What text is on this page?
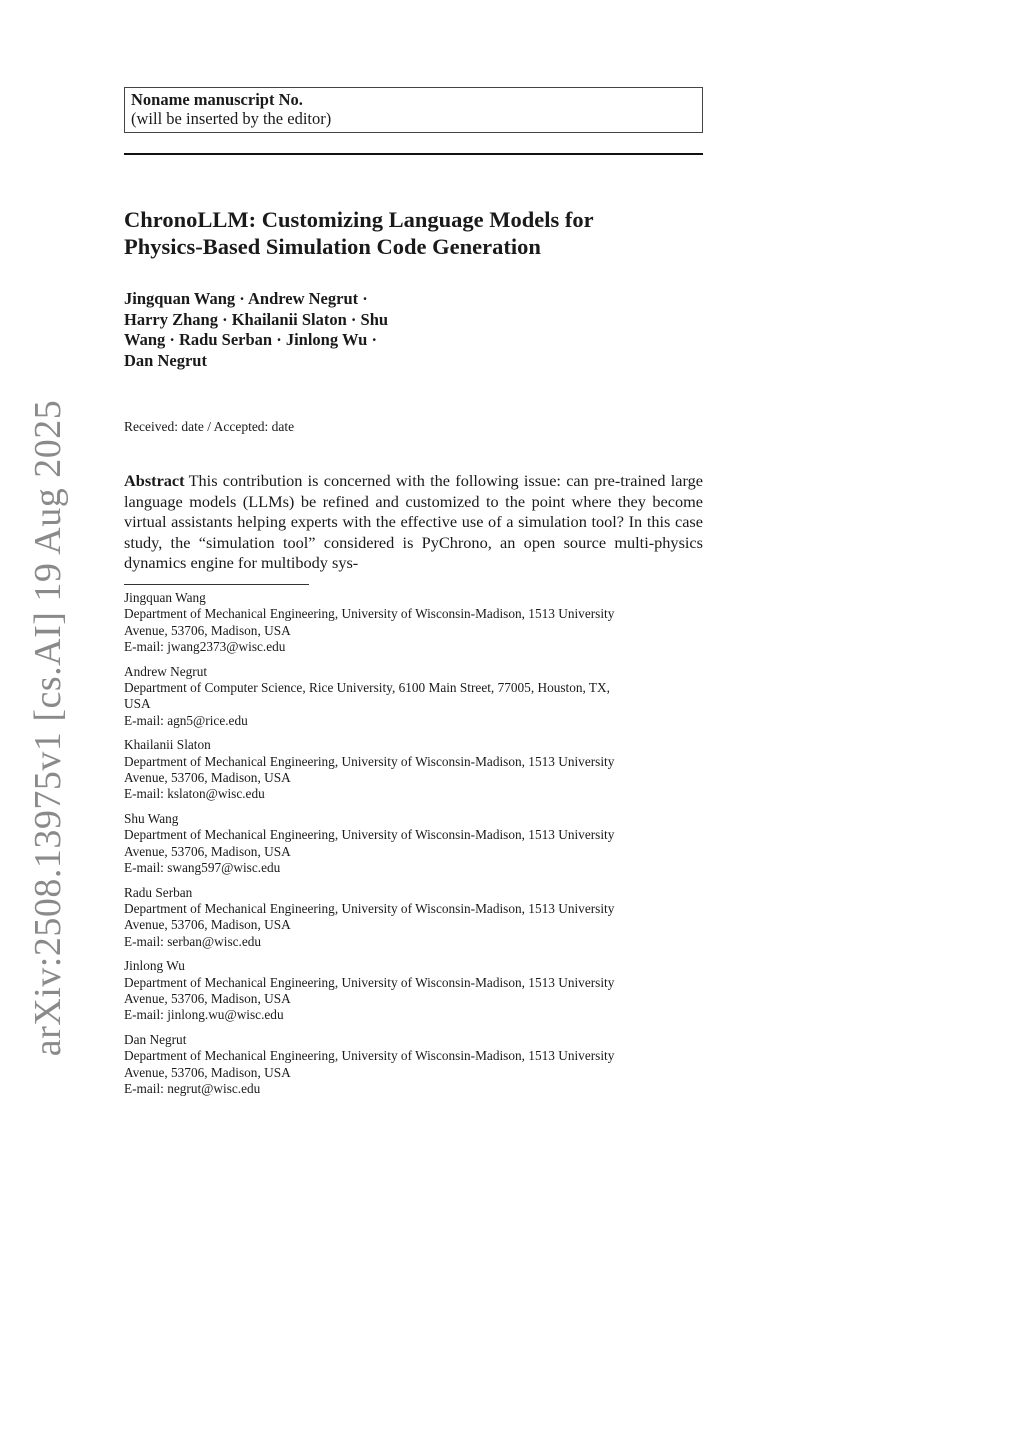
arXiv:2508.13975v1 [cs.AI] 19 Aug 2025
Noname manuscript No.
(will be inserted by the editor)
ChronoLLM: Customizing Language Models for
Physics-Based Simulation Code Generation
Jingquan Wang · Andrew Negrut ·
Harry Zhang · Khailanii Slaton · Shu
Wang · Radu Serban · Jinlong Wu ·
Dan Negrut
Received: date / Accepted: date

Abstract This contribution is concerned with the following issue: can pre-trained large language models (LLMs) be refined and customized to the point where they become virtual assistants helping experts with the effective use of a simulation tool? In this case study, the “simulation tool” considered is PyChrono, an open source multi-physics dynamics engine for multibody sys-

Jingquan Wang
Department of Mechanical Engineering, University of Wisconsin-Madison, 1513 University
Avenue, 53706, Madison, USA
E-mail: jwang2373@wisc.edu
Andrew Negrut
Department of Computer Science, Rice University, 6100 Main Street, 77005, Houston, TX,
USA
E-mail: agn5@rice.edu
Khailanii Slaton
Department of Mechanical Engineering, University of Wisconsin-Madison, 1513 University
Avenue, 53706, Madison, USA
E-mail: kslaton@wisc.edu
Shu Wang
Department of Mechanical Engineering, University of Wisconsin-Madison, 1513 University
Avenue, 53706, Madison, USA
E-mail: swang597@wisc.edu
Radu Serban
Department of Mechanical Engineering, University of Wisconsin-Madison, 1513 University
Avenue, 53706, Madison, USA
E-mail: serban@wisc.edu
Jinlong Wu
Department of Mechanical Engineering, University of Wisconsin-Madison, 1513 University
Avenue, 53706, Madison, USA
E-mail: jinlong.wu@wisc.edu
Dan Negrut
Department of Mechanical Engineering, University of Wisconsin-Madison, 1513 University
Avenue, 53706, Madison, USA
E-mail: negrut@wisc.edu
